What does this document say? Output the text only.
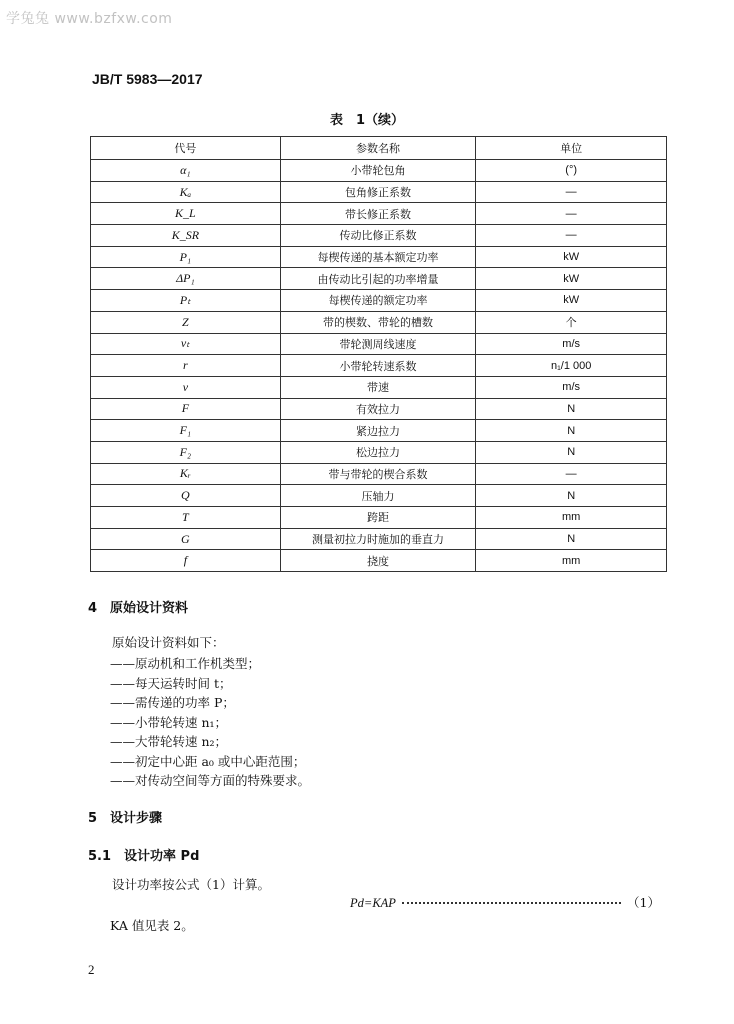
学兔兔 www.bzfxw.com
JB/T 5983—2017
表　1（续）
代号	参数名称	单位
α₁	小带轮包角	(°)
Kₐ	包角修正系数	—
K_L	带长修正系数	—
K_SR	传动比修正系数	—
P₁	每楔传递的基本额定功率	kW
ΔP₁	由传动比引起的功率增量	kW
Pₜ	每楔传递的额定功率	kW
Z	带的楔数、带轮的槽数	个
vₜ	带轮测周线速度	m/s
r	小带轮转速系数	n₁/1 000
v	带速	m/s
F	有效拉力	N
F₁	紧边拉力	N
F₂	松边拉力	N
Kᵣ	带与带轮的楔合系数	—
Q	压轴力	N
T	跨距	mm
G	测量初拉力时施加的垂直力	N
f	挠度	mm
4　原始设计资料
原始设计资料如下：
——原动机和工作机类型；
——每天运转时间 t；
——需传递的功率 P；
——小带轮转速 n₁；
——大带轮转速 n₂；
——初定中心距 a₀ 或中心距范围；
——对传动空间等方面的特殊要求。
5　设计步骤
5.1　设计功率 Pd
设计功率按公式（1）计算。
Pd=KAP	（1）
KA 值见表 2。
2
